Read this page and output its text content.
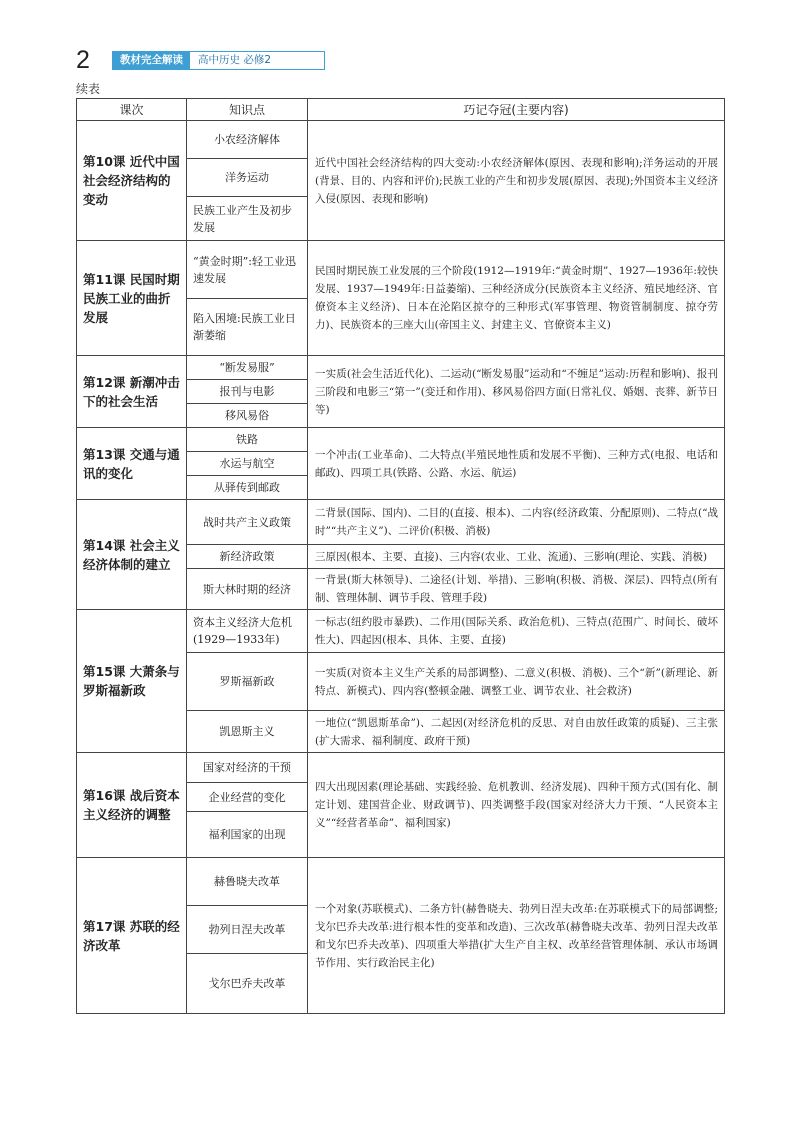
2	教材完全解读	高中历史 必修2
续表
课次	知识点	巧记夺冠(主要内容)
第10课 近代中国社会经济结构的变动	小农经济解体	近代中国社会经济结构的四大变动:小农经济解体(原因、表现和影响);洋务运动的开展(背景、目的、内容和评价);民族工业的产生和初步发展(原因、表现);外国资本主义经济入侵(原因、表现和影响)
	洋务运动	
	民族工业产生及初步发展	
第11课 民国时期民族工业的曲折发展	“黄金时期”:轻工业迅速发展	民国时期民族工业发展的三个阶段(1912—1919年:“黄金时期”、1927—1936年:较快发展、1937—1949年:日益萎缩)、三种经济成分(民族资本主义经济、殖民地经济、官僚资本主义经济)、日本在沦陷区掠夺的三种形式(军事管理、物资管制制度、掠夺劳力)、民族资本的三座大山(帝国主义、封建主义、官僚资本主义)
	陷入困境:民族工业日渐萎缩	
第12课 新潮冲击下的社会生活	“断发易服”	一实质(社会生活近代化)、二运动(“断发易服”运动和“不缠足”运动:历程和影响)、报刊三阶段和电影三“第一”(变迁和作用)、移风易俗四方面(日常礼仪、婚姻、丧葬、新节日等)
	报刊与电影	
	移风易俗	
第13课 交通与通讯的变化	铁路	一个冲击(工业革命)、二大特点(半殖民地性质和发展不平衡)、三种方式(电报、电话和邮政)、四项工具(铁路、公路、水运、航运)
	水运与航空	
	从驿传到邮政	
第14课 社会主义经济体制的建立	战时共产主义政策	二背景(国际、国内)、二目的(直接、根本)、二内容(经济政策、分配原则)、二特点(“战时”“共产主义”)、二评价(积极、消极)
	新经济政策	三原因(根本、主要、直接)、三内容(农业、工业、流通)、三影响(理论、实践、消极)
	斯大林时期的经济	一背景(斯大林领导)、二途径(计划、举措)、三影响(积极、消极、深层)、四特点(所有制、管理体制、调节手段、管理手段)
第15课 大萧条与罗斯福新政	资本主义经济大危机(1929—1933年)	一标志(纽约股市暴跌)、二作用(国际关系、政治危机)、三特点(范围广、时间长、破坏性大)、四起因(根本、具体、主要、直接)
	罗斯福新政	一实质(对资本主义生产关系的局部调整)、二意义(积极、消极)、三个“新”(新理论、新特点、新模式)、四内容(整顿金融、调整工业、调节农业、社会救济)
	凯恩斯主义	一地位(“凯恩斯革命”)、二起因(对经济危机的反思、对自由放任政策的质疑)、三主张(扩大需求、福利制度、政府干预)
第16课 战后资本主义经济的调整	国家对经济的干预	四大出现因素(理论基础、实践经验、危机教训、经济发展)、四种干预方式(国有化、制定计划、建国营企业、财政调节)、四类调整手段(国家对经济大力干预、“人民资本主义”“经营者革命”、福利国家)
	企业经营的变化	
	福利国家的出现	
第17课 苏联的经济改革	赫鲁晓夫改革	一个对象(苏联模式)、二条方针(赫鲁晓夫、勃列日涅夫改革:在苏联模式下的局部调整;戈尔巴乔夫改革:进行根本性的变革和改造)、三次改革(赫鲁晓夫改革、勃列日涅夫改革和戈尔巴乔夫改革)、四项重大举措(扩大生产自主权、改革经营管理体制、承认市场调节作用、实行政治民主化)
	勃列日涅夫改革	
	戈尔巴乔夫改革	
